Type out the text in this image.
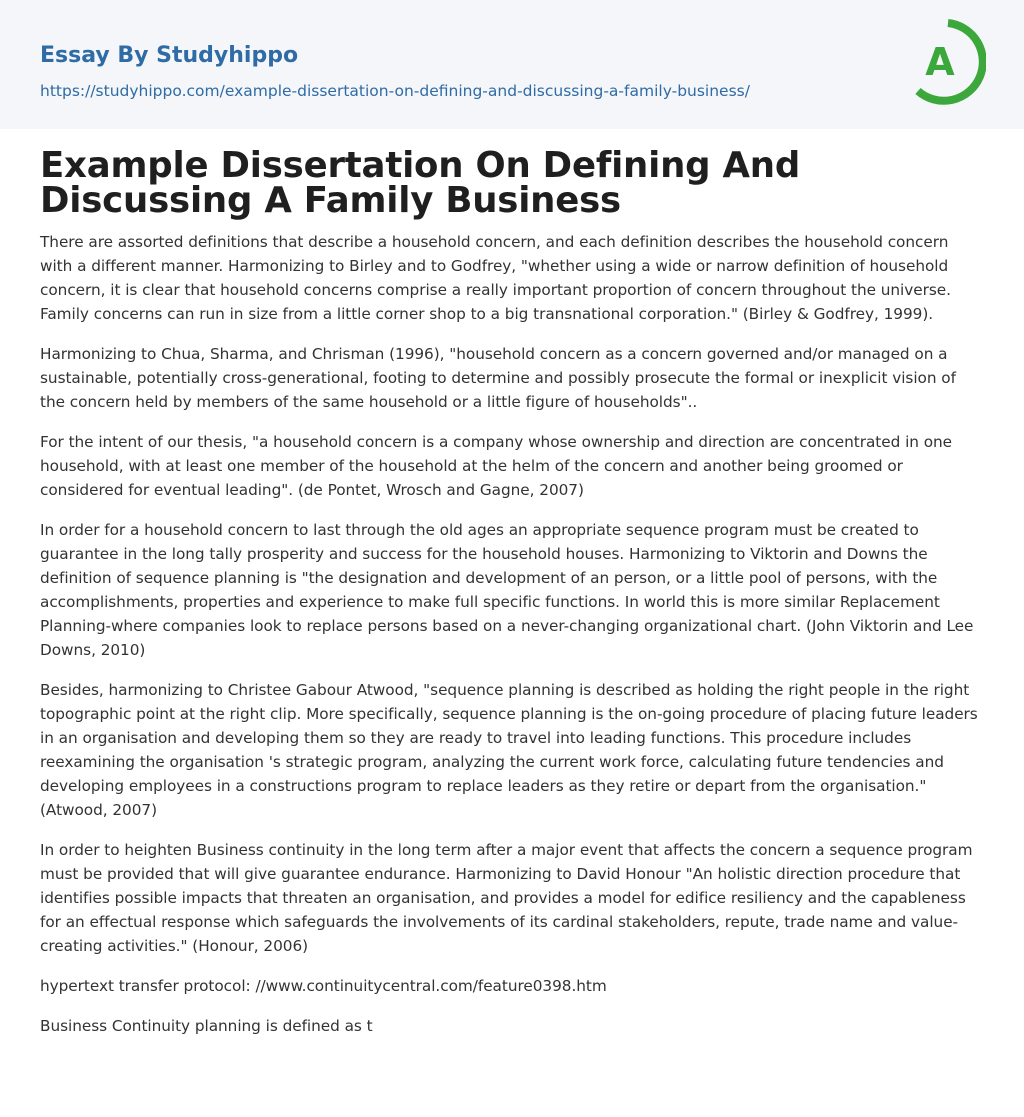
Essay By Studyhippo
https://studyhippo.com/example-dissertation-on-defining-and-discussing-a-family-business/
A
Example Dissertation On Defining And Discussing A Family Business

There are assorted definitions that describe a household concern, and each definition describes the household concern with a different manner. Harmonizing to Birley and to Godfrey, "whether using a wide or narrow definition of household concern, it is clear that household concerns comprise a really important proportion of concern throughout the universe. Family concerns can run in size from a little corner shop to a big transnational corporation." (Birley & Godfrey, 1999).

Harmonizing to Chua, Sharma, and Chrisman (1996), "household concern as a concern governed and/or managed on a sustainable, potentially cross-generational, footing to determine and possibly prosecute the formal or inexplicit vision of the concern held by members of the same household or a little figure of households"..

For the intent of our thesis, "a household concern is a company whose ownership and direction are concentrated in one household, with at least one member of the household at the helm of the concern and another being groomed or considered for eventual leading". (de Pontet, Wrosch and Gagne, 2007)

In order for a household concern to last through the old ages an appropriate sequence program must be created to guarantee in the long tally prosperity and success for the household houses. Harmonizing to Viktorin and Downs the definition of sequence planning is "the designation and development of an person, or a little pool of persons, with the accomplishments, properties and experience to make full specific functions. In world this is more similar Replacement Planning-where companies look to replace persons based on a never-changing organizational chart. (John Viktorin and Lee Downs, 2010)

Besides, harmonizing to Christee Gabour Atwood, "sequence planning is described as holding the right people in the right topographic point at the right clip. More specifically, sequence planning is the on-going procedure of placing future leaders in an organisation and developing them so they are ready to travel into leading functions. This procedure includes reexamining the organisation 's strategic program, analyzing the current work force, calculating future tendencies and developing employees in a constructions program to replace leaders as they retire or depart from the organisation." (Atwood, 2007)

In order to heighten Business continuity in the long term after a major event that affects the concern a sequence program must be provided that will give guarantee endurance. Harmonizing to David Honour "An holistic direction procedure that identifies possible impacts that threaten an organisation, and provides a model for edifice resiliency and the capableness for an effectual response which safeguards the involvements of its cardinal stakeholders, repute, trade name and value-creating activities." (Honour, 2006)

hypertext transfer protocol: //www.continuitycentral.com/feature0398.htm

Business Continuity planning is defined as t
